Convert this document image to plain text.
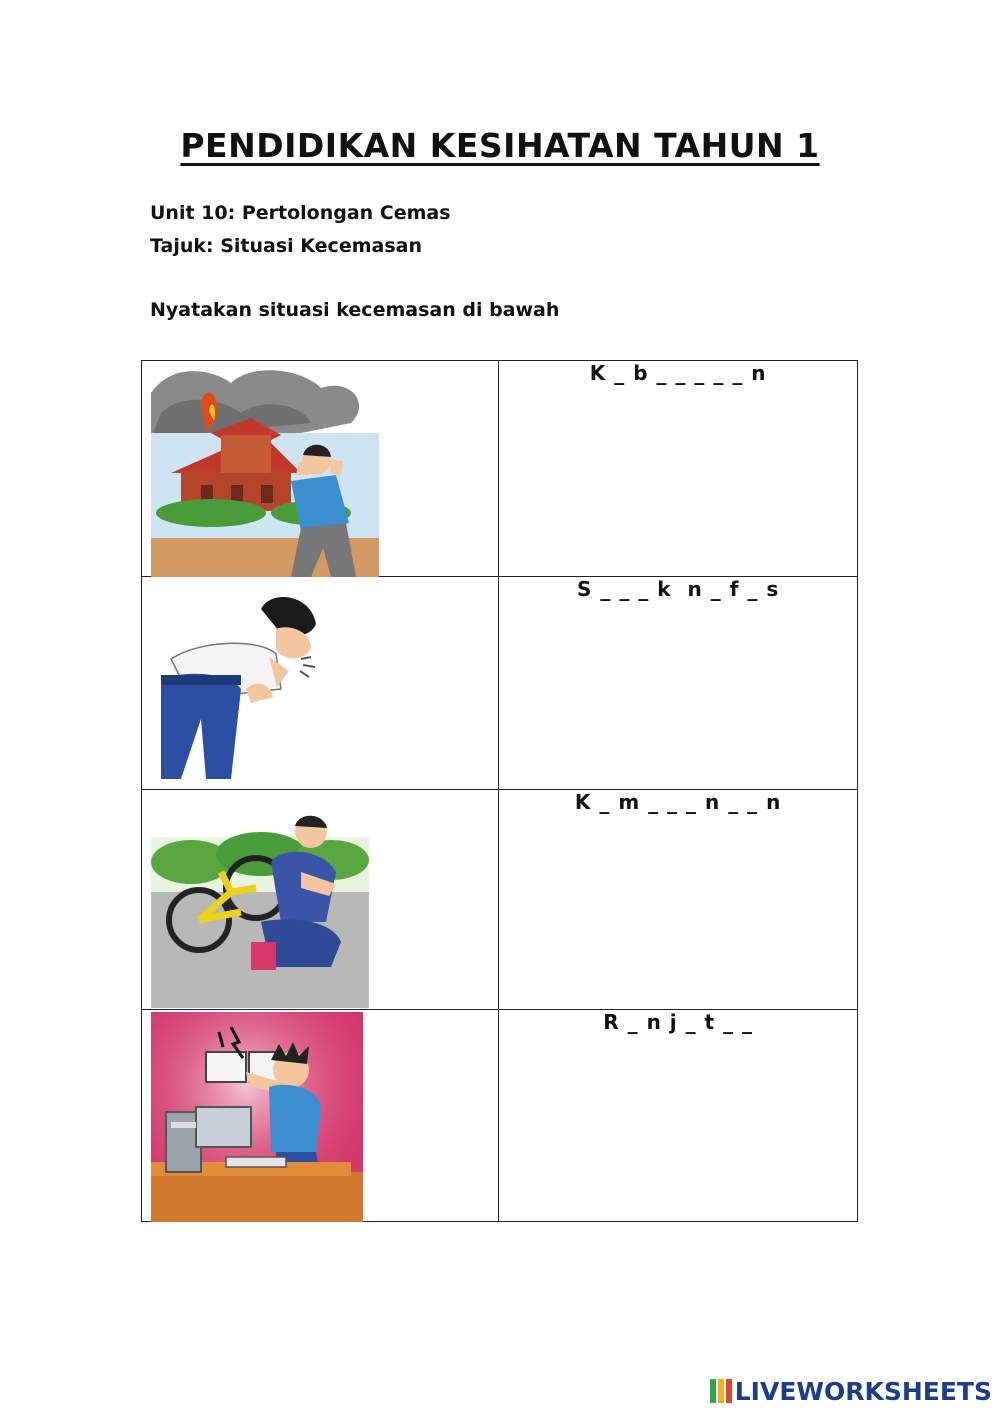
PENDIDIKAN KESIHATAN TAHUN 1
Unit 10: Pertolongan Cemas
Tajuk: Situasi Kecemasan
Nyatakan situasi kecemasan di bawah
	K _ b _ _ _ _ _ n

	S _ _ _ k  n _ f _ s

	K _ m _ _ _ n _ _ n

	R _ n j _ t _ _
LIVEWORKSHEETS
